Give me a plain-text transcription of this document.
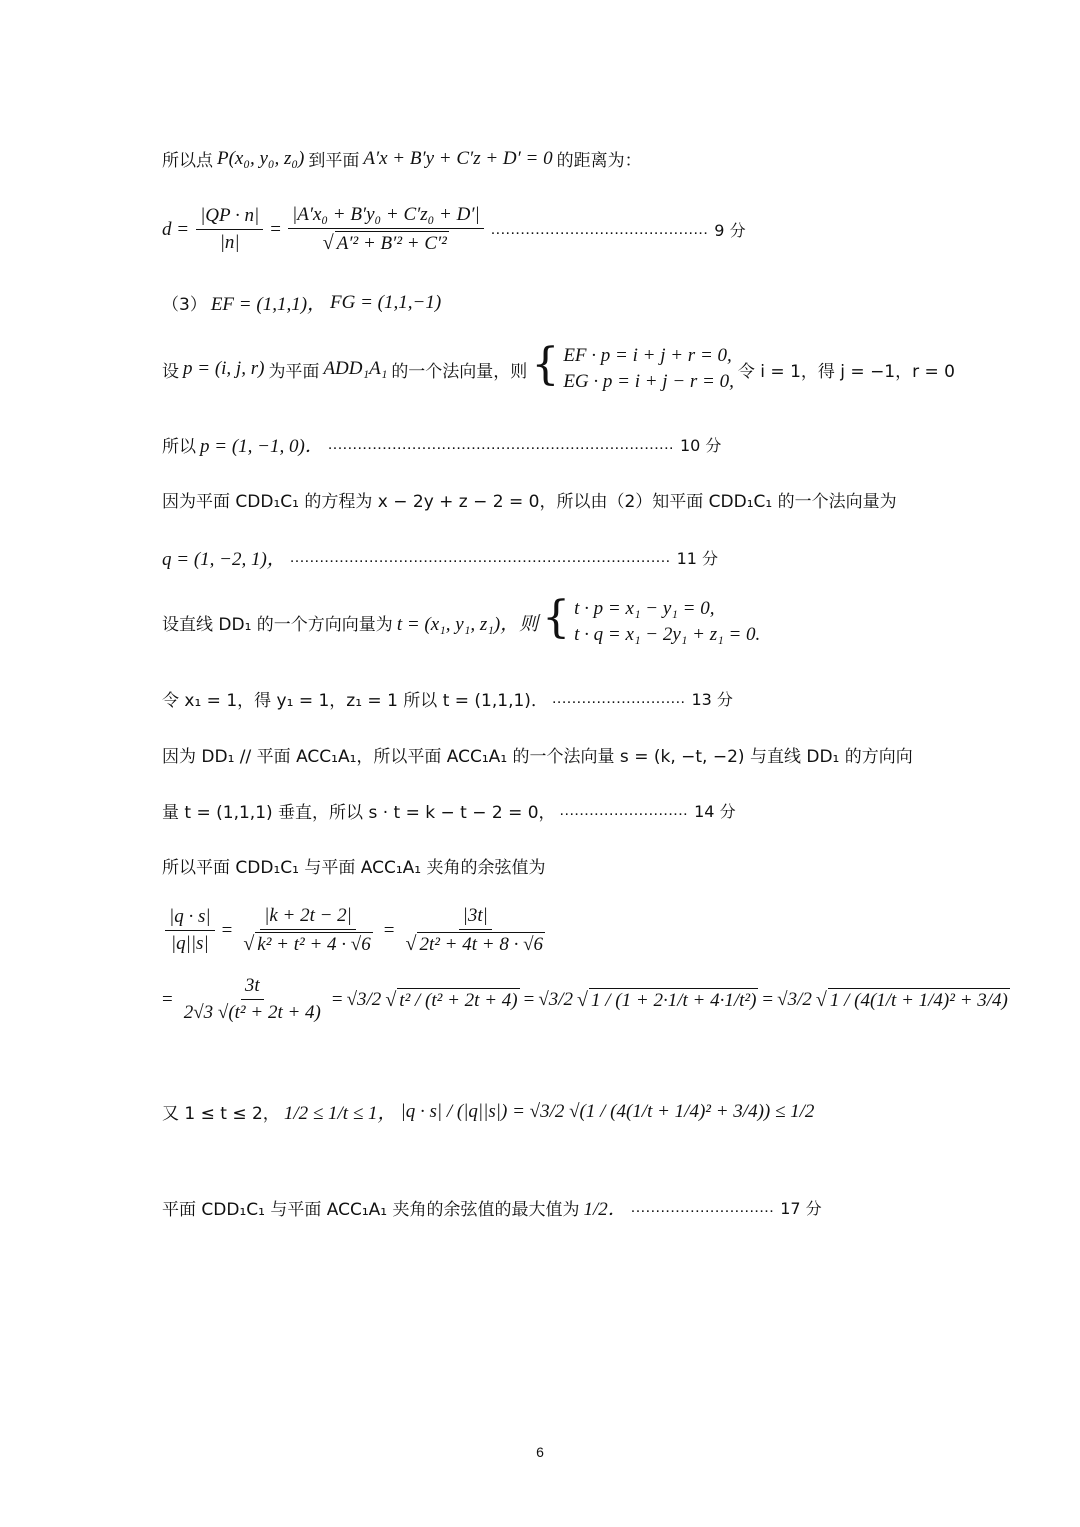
所以点 P(x₀, y₀, z₀) 到平面 A′x + B′y + C′z + D′ = 0 的距离为：
$d = \frac{|QP \cdot n|}{|n|} = \frac{\text{|A′x₀ + B′y₀ + C′z₀ + D′|}}{\text{√ A′² + B′² + C′²}}$ ............................................ 9 分
（3） EF = (1,1,1)， FG = (1,1,−1)
设 p = (i, j, r) 为平面 ADD₁A₁ 的一个法向量，则 { EF · p = i + j + r = 0,
EG · p = i + j − r = 0, 令 i = 1，得 j = −1，r = 0
所以 p = (1, −1, 0)． ...................................................................... 10 分
因为平面 CDD₁C₁ 的方程为 x − 2y + z − 2 = 0，所以由（2）知平面 CDD₁C₁ 的一个法向量为
q = (1, −2, 1)， ............................................................................. 11 分
设直线 DD₁ 的一个方向向量为 t = (x₁, y₁, z₁)，则 { t · p = x₁ − y₁ = 0,
t · q = x₁ − 2y₁ + z₁ = 0.
令 x₁ = 1，得 y₁ = 1，z₁ = 1 所以 t = (1,1,1)． ........................... 13 分
因为 DD₁ // 平面 ACC₁A₁，所以平面 ACC₁A₁ 的一个法向量 s = (k, −t, −2) 与直线 DD₁ 的方向向
量 t = (1,1,1) 垂直，所以 s · t = k − t − 2 = 0， .......................... 14 分
所以平面 CDD₁C₁ 与平面 ACC₁A₁ 夹角的余弦值为
$\frac{|q \cdot s|}{|q||s|} = \frac{|k + 2t - 2|}{\text{√ k² + t² + 4 · √6}} = \frac{|3t|}{\text{√ 2t² + 4t + 8 · √6}}$
= $\frac{3t}{\text{2√3 √(t² + 2t + 4)}} = √3/2$ √ t² / (t² + 2t + 4) = √3/2 √ 1 / (1 + 2·1/t + 4·1/t²) = √3/2 √ 1 / (4(1/t + 1/4)² + 3/4)
又 1 ≤ t ≤ 2， 1/2 ≤ 1/t ≤ 1， |q · s| / (|q||s|) = √3/2 √(1 / (4(1/t + 1/4)² + 3/4)) ≤ 1/2
平面 CDD₁C₁ 与平面 ACC₁A₁ 夹角的余弦值的最大值为 1/2． ............................. 17 分
6
